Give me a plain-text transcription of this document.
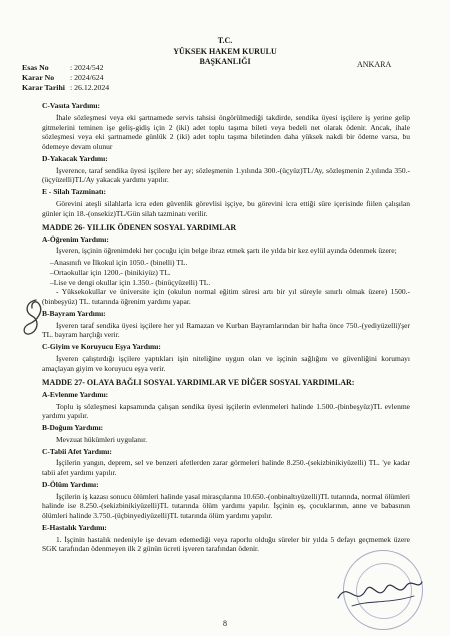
T.C.
YÜKSEK HAKEM KURULU
BAŞKANLIĞI	ANKARA
Esas No	: 2024/542
Karar No	: 2024/624
Karar Tarihi	: 26.12.2024

C-Vasıta Yardımı:

İhale sözleşmesi veya eki şartnamede servis tahsisi öngörülmediği takdirde, sendika üyesi işçilere iş yerine gelip gitmelerini teminen işe geliş-gidiş için 2 (iki) adet toplu taşıma bileti veya bedeli net olarak ödenir. Ancak, ihale sözleşmesi veya eki şartnamede günlük 2 (iki) adet toplu taşıma biletinden daha yüksek nakdi bir ödeme varsa, bu ödemeye devam olunur

D-Yakacak Yardımı:

İşverence, taraf sendika üyesi işçilere her ay; sözleşmenin 1.yılında 300.-(üçyüz)TL/Ay, sözleşmenin 2.yılında 350.-(üçyüzelli)TL/Ay yakacak yardımı yapılır.

E - Silah Tazminatı:

Görevini ateşli silahlarla icra eden güvenlik görevlisi işçiye, bu görevini icra ettiği süre içerisinde fiilen çalışılan günler için 18.-(onsekiz)TL/Gün silah tazminatı verilir.

MADDE 26- YILLIK ÖDENEN SOSYAL YARDIMLAR

A-Öğrenim Yardımı:

İşveren, işçinin öğrenimdeki her çocuğu için belge ibraz etmek şartı ile yılda bir kez eylül ayında ödenmek üzere;

–Anasınıfı ve İlkokul için 1050.- (binelli) TL.

–Ortaokullar için 1200.- (binikiyüz) TL.

–Lise ve dengi okullar için 1.350.- (binüçyüzelli) TL.

- Yüksekokullar ve üniversite için (okulun normal eğitim süresi artı bir yıl süreyle sınırlı olmak üzere) 1500.- (binbeşyüz) TL. tutarında öğrenim yardımı yapar.

B-Bayram Yardımı:

İşveren taraf sendika üyesi işçilere her yıl Ramazan ve Kurban Bayramlarından bir hafta önce 750.-(yediyüzelli)'şer TL. bayram harçlığı verir.

C-Giyim ve Koruyucu Eşya Yardımı:

İşveren çalıştırdığı işçilere yaptıkları işin niteliğine uygun olan ve işçinin sağlığını ve güvenliğini korumayı amaçlayan giyim ve koruyucu eşya verir.

MADDE 27- OLAYA BAĞLI SOSYAL YARDIMLAR VE DİĞER SOSYAL YARDIMLAR:

A-Evlenme Yardımı:

Toplu iş sözleşmesi kapsamında çalışan sendika üyesi işçilerin evlenmeleri halinde 1.500.-(binbeşyüz)TL evlenme yardımı yapılır.

B-Doğum Yardımı:

Mevzuat hükümleri uygulanır.

C-Tabii Afet Yardımı:

İşçilerin yangın, deprem, sel ve benzeri afetlerden zarar görmeleri halinde 8.250.-(sekizbinikiyüzelli) TL. 'ye kadar tabii afet yardımı yapılır.

D-Ölüm Yardımı:

İşçilerin iş kazası sonucu ölümleri halinde yasal mirasçılarına 10.650.-(onbinaltıyüzelli)TL tutarında, normal ölümleri halinde ise 8.250.-(sekizbinikiyüzelli)TL tutarında ölüm yardımı yapılır. İşçinin eş, çocuklarının, anne ve babasının ölümleri halinde 3.750.-(üçbinyediyüzelli)TL tutarında ölüm yardımı yapılır.

E-Hastalık Yardımı:

1. İşçinin hastalık nedeniyle işe devam edemediği veya raporlu olduğu süreler bir yılda 5 defayı geçmemek üzere SGK tarafından ödenmeyen ilk 2 günün ücreti işveren tarafından ödenir.

8
